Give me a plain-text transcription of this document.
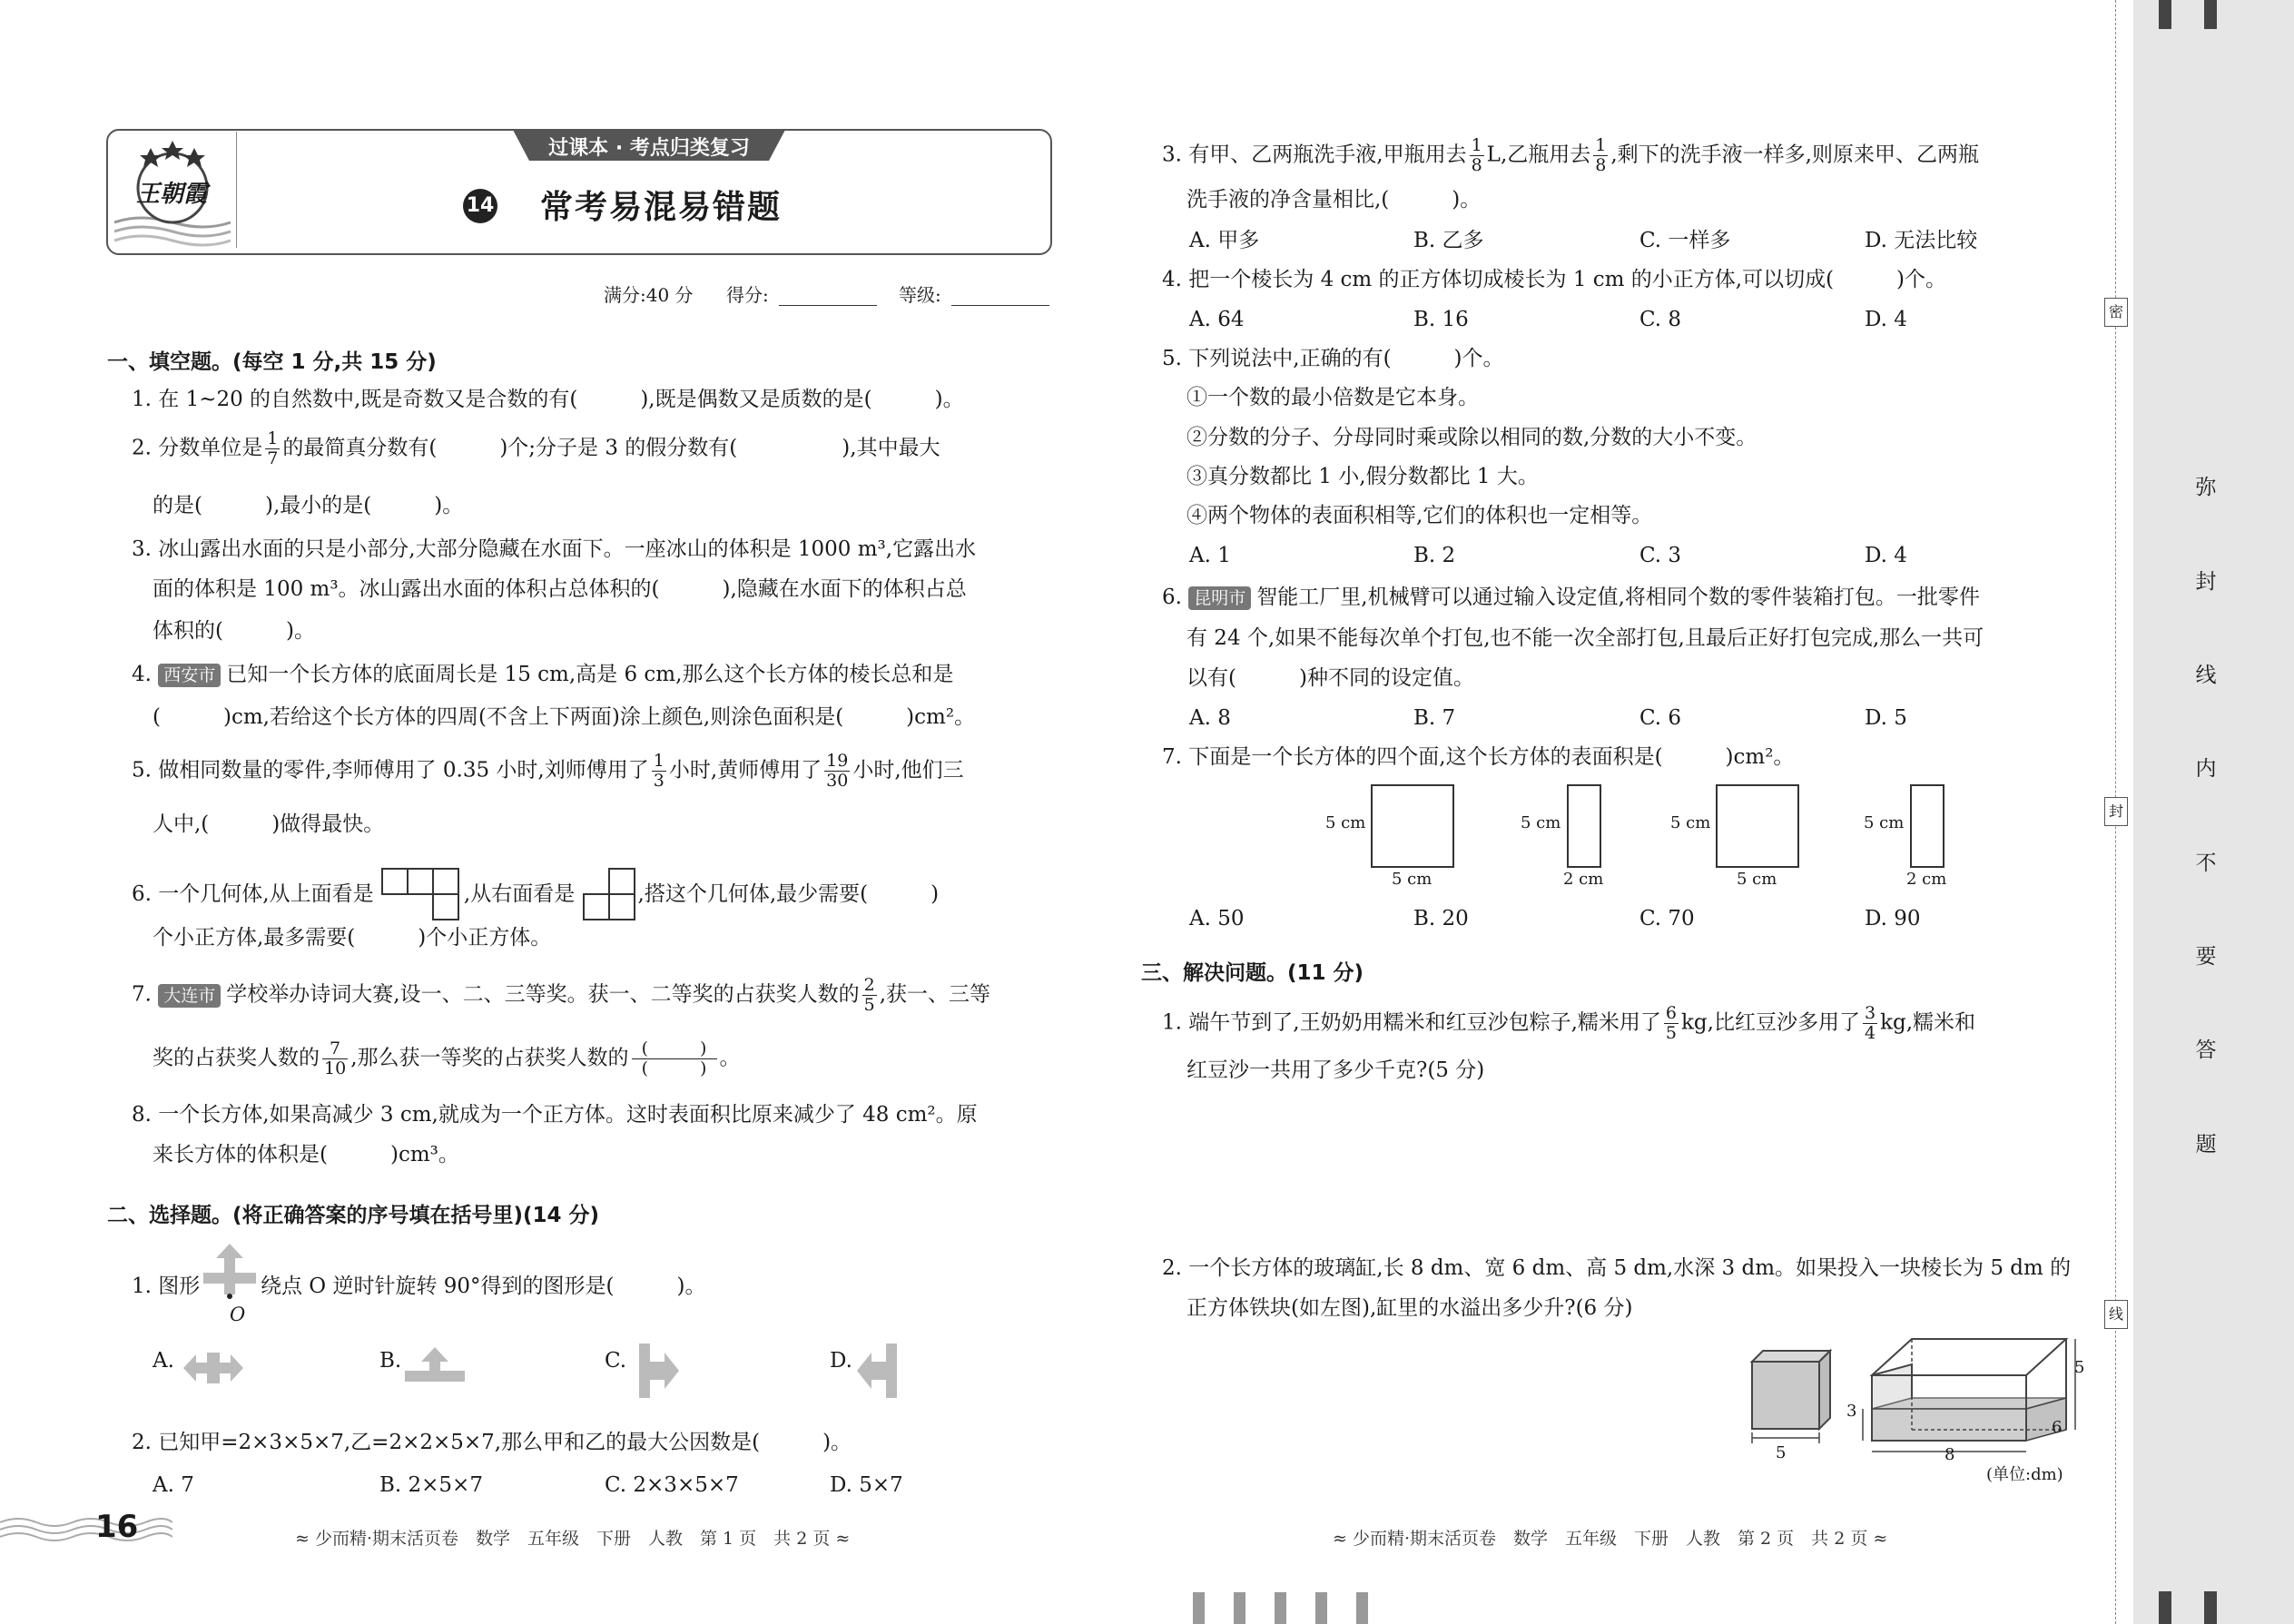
王朝霞
过课本 · 考点归类复习
14 常考易混易错题
满分:40 分 得分:	等级:
一、填空题。(每空 1 分,共 15 分)
1. 在 1~20 的自然数中,既是奇数又是合数的有(　　　),既是偶数又是质数的是(　　　)。
2. 分数单位是 $\frac{1}{7}$ 的最简真分数有(　　　)个;分子是 3 的假分数有(　　　　　),其中最大
的是(　　　),最小的是(　　　)。
3. 冰山露出水面的只是小部分,大部分隐藏在水面下。一座冰山的体积是 1000 m³,它露出水
面的体积是 100 m³。冰山露出水面的体积占总体积的(　　　),隐藏在水面下的体积占总
体积的(　　　)。
4. 西安市 已知一个长方体的底面周长是 15 cm,高是 6 cm,那么这个长方体的棱长总和是
(　　　)cm,若给这个长方体的四周(不含上下两面)涂上颜色,则涂色面积是(　　　)cm²。
5. 做相同数量的零件,李师傅用了 0.35 小时,刘师傅用了 $\frac{1}{3}$ 小时,黄师傅用了 $\frac{19}{30}$ 小时,他们三
人中,(　　　)做得最快。
6. 一个几何体,从上面看是	,从右面看是	,搭这个几何体,最少需要(　　　)
个小正方体,最多需要(　　　)个小正方体。
7. 大连市 学校举办诗词大赛,设一、二、三等奖。获一、二等奖的占获奖人数的 $\frac{2}{5}$ ,获一、三等
奖的占获奖人数的 $\frac{7}{10}$ ,那么获一等奖的占获奖人数的 $\frac{( )}{( )}$ 。
8. 一个长方体,如果高减少 3 cm,就成为一个正方体。这时表面积比原来减少了 48 cm²。原
来长方体的体积是(　　　)cm³。
二、选择题。(将正确答案的序号填在括号里)(14 分)
1. 图形
O
绕点 O 逆时针旋转 90°得到的图形是(　　　)。
A.	B.	C.	D.
2. 已知甲=2×3×5×7,乙=2×2×5×7,那么甲和乙的最大公因数是(　　　)。
A. 7	B. 2×5×7	C. 2×3×5×7	D. 5×7
16	≈ 少而精·期末活页卷　数学　五年级　下册　人教　第 1 页　共 2 页 ≈
3. 有甲、乙两瓶洗手液,甲瓶用去 $\frac{1}{8} L$,乙瓶用去 $\frac{1}{8}$ ,剩下的洗手液一样多,则原来甲、乙两瓶
洗手液的净含量相比,(　　　)。
A. 甲多	B. 乙多	C. 一样多	D. 无法比较
4. 把一个棱长为 4 cm 的正方体切成棱长为 1 cm 的小正方体,可以切成(　　　)个。
A. 64	B. 16	C. 8	D. 4
5. 下列说法中,正确的有(　　　)个。
①一个数的最小倍数是它本身。
②分数的分子、分母同时乘或除以相同的数,分数的大小不变。
③真分数都比 1 小,假分数都比 1 大。
④两个物体的表面积相等,它们的体积也一定相等。
A. 1	B. 2	C. 3	D. 4
6. 昆明市 智能工厂里,机械臂可以通过输入设定值,将相同个数的零件装箱打包。一批零件
有 24 个,如果不能每次单个打包,也不能一次全部打包,且最后正好打包完成,那么一共可
以有(　　　)种不同的设定值。
A. 8	B. 7	C. 6	D. 5
7. 下面是一个长方体的四个面,这个长方体的表面积是(　　　)cm²。
5 cm
5 cm
5 cm
2 cm
5 cm
5 cm
5 cm
2 cm
A. 50	B. 20	C. 70	D. 90
三、解决问题。(11 分)
1. 端午节到了,王奶奶用糯米和红豆沙包粽子,糯米用了 $\frac{6}{5}$ kg,比红豆沙多用了 $\frac{3}{4}$ kg,糯米和
红豆沙一共用了多少千克?(5 分)
2. 一个长方体的玻璃缸,长 8 dm、宽 6 dm、高 5 dm,水深 3 dm。如果投入一块棱长为 5 dm 的
正方体铁块(如左图),缸里的水溢出多少升?(6 分)
5
5
3
6
8
(单位:dm)
≈ 少而精·期末活页卷　数学　五年级　下册　人教　第 2 页　共 2 页 ≈
密
封
线
弥
封
线
内
不
要
答
题
